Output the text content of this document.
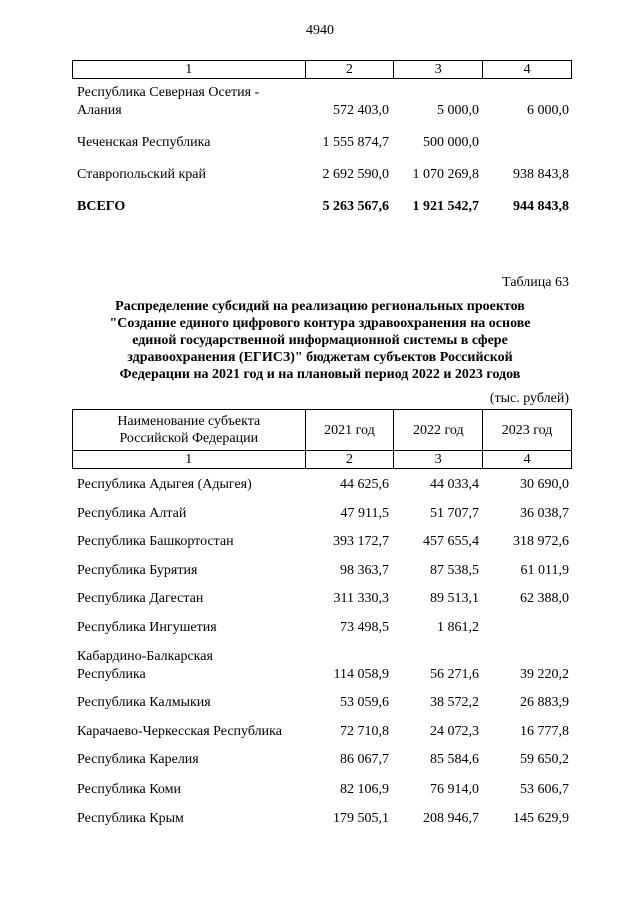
4940
1	2	3	4
Республика Северная Осетия -
Алания	572 403,0	5 000,0	6 000,0
Чеченская Республика	1 555 874,7	500 000,0
Ставропольский край	2 692 590,0	1 070 269,8	938 843,8
ВСЕГО	5 263 567,6	1 921 542,7	944 843,8
Таблица 63
Распределение субсидий на реализацию региональных проектов
"Создание единого цифрового контура здравоохранения на основе
единой государственной информационной системы в сфере
здравоохранения (ЕГИСЗ)" бюджетам субъектов Российской
Федерации на 2021 год и на плановый период 2022 и 2023 годов
(тыс. рублей)
Наименование субъекта
Российской Федерации	2021 год	2022 год	2023 год
1	2	3	4
Республика Адыгея (Адыгея)	44 625,6	44 033,4	30 690,0
Республика Алтай	47 911,5	51 707,7	36 038,7
Республика Башкортостан	393 172,7	457 655,4	318 972,6
Республика Бурятия	98 363,7	87 538,5	61 011,9
Республика Дагестан	311 330,3	89 513,1	62 388,0
Республика Ингушетия	73 498,5	1 861,2
Кабардино-Балкарская
Республика	114 058,9	56 271,6	39 220,2
Республика Калмыкия	53 059,6	38 572,2	26 883,9
Карачаево-Черкесская Республика	72 710,8	24 072,3	16 777,8
Республика Карелия	86 067,7	85 584,6	59 650,2
Республика Коми	82 106,9	76 914,0	53 606,7
Республика Крым	179 505,1	208 946,7	145 629,9
